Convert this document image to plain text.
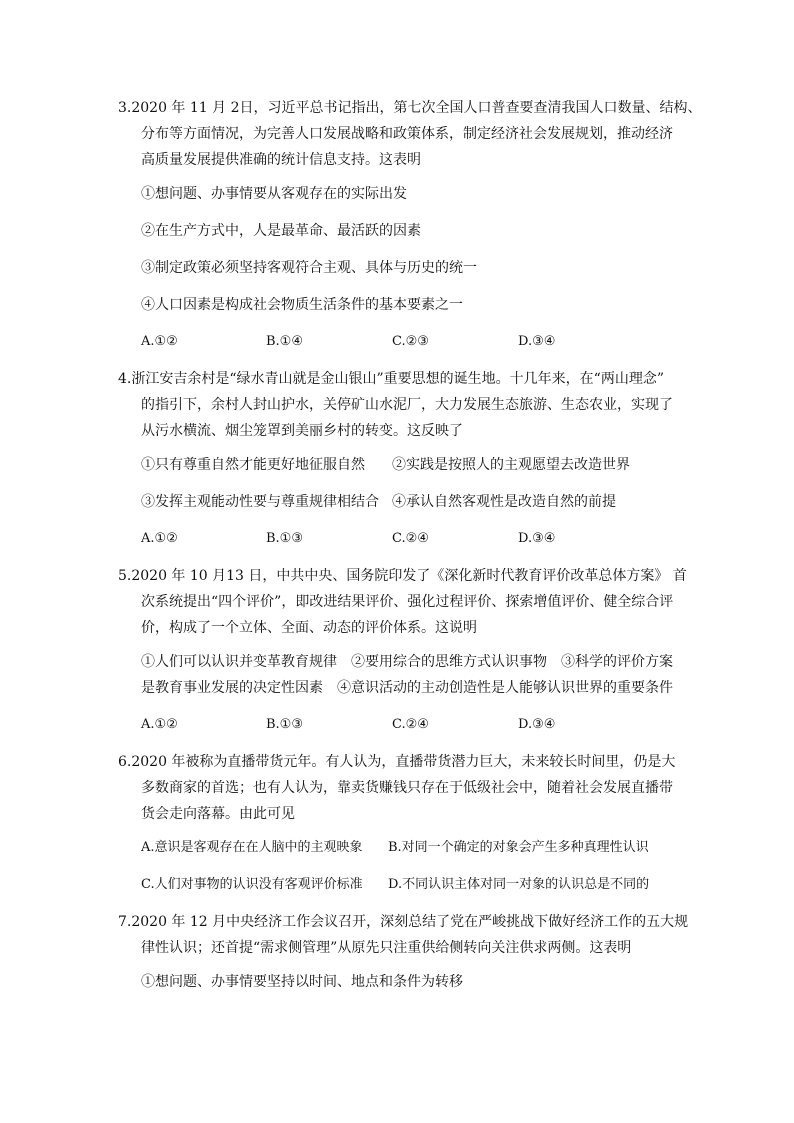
3.2020 年 11 月 2日，习近平总书记指出，第七次全国人口普查要查清我国人口数量、结构、
分布等方面情况，为完善人口发展战略和政策体系，制定经济社会发展规划，推动经济
高质量发展提供准确的统计信息支持。这表明
①想问题、办事情要从客观存在的实际出发
②在生产方式中，人是最革命、最活跃的因素
③制定政策必须坚持客观符合主观、具体与历史的统一
④人口因素是构成社会物质生活条件的基本要素之一
A.①②	B.①④	C.②③	D.③④
4.浙江安吉余村是“绿水青山就是金山银山”重要思想的诞生地。十几年来，在“两山理念”
的指引下，余村人封山护水，关停矿山水泥厂，大力发展生态旅游、生态农业，实现了
从污水横流、烟尘笼罩到美丽乡村的转变。这反映了
①只有尊重自然才能更好地征服自然 ②实践是按照人的主观愿望去改造世界
③发挥主观能动性要与尊重规律相结合 ④承认自然客观性是改造自然的前提
A.①②	B.①③	C.②④	D.③④
5.2020 年 10 月13 日，中共中央、国务院印发了《深化新时代教育评价改革总体方案》 首
次系统提出“四个评价”，即改进结果评价、强化过程评价、探索增值评价、健全综合评
价，构成了一个立体、全面、动态的评价体系。这说明
①人们可以认识并变革教育规律　②要用综合的思维方式认识事物　③科学的评价方案
是教育事业发展的决定性因素　④意识活动的主动创造性是人能够认识世界的重要条件
A.①②	B.①③	C.②④	D.③④
6.2020 年被称为直播带货元年。有人认为，直播带货潜力巨大，未来较长时间里，仍是大
多数商家的首选；也有人认为，靠卖货赚钱只存在于低级社会中，随着社会发展直播带
货会走向落幕。由此可见
A.意识是客观存在在人脑中的主观映象 B.对同一个确定的对象会产生多种真理性认识
C.人们对事物的认识没有客观评价标准 D.不同认识主体对同一对象的认识总是不同的
7.2020 年 12 月中央经济工作会议召开，深刻总结了党在严峻挑战下做好经济工作的五大规
律性认识；还首提“需求侧管理”从原先只注重供给侧转向关注供求两侧。这表明
①想问题、办事情要坚持以时间、地点和条件为转移
